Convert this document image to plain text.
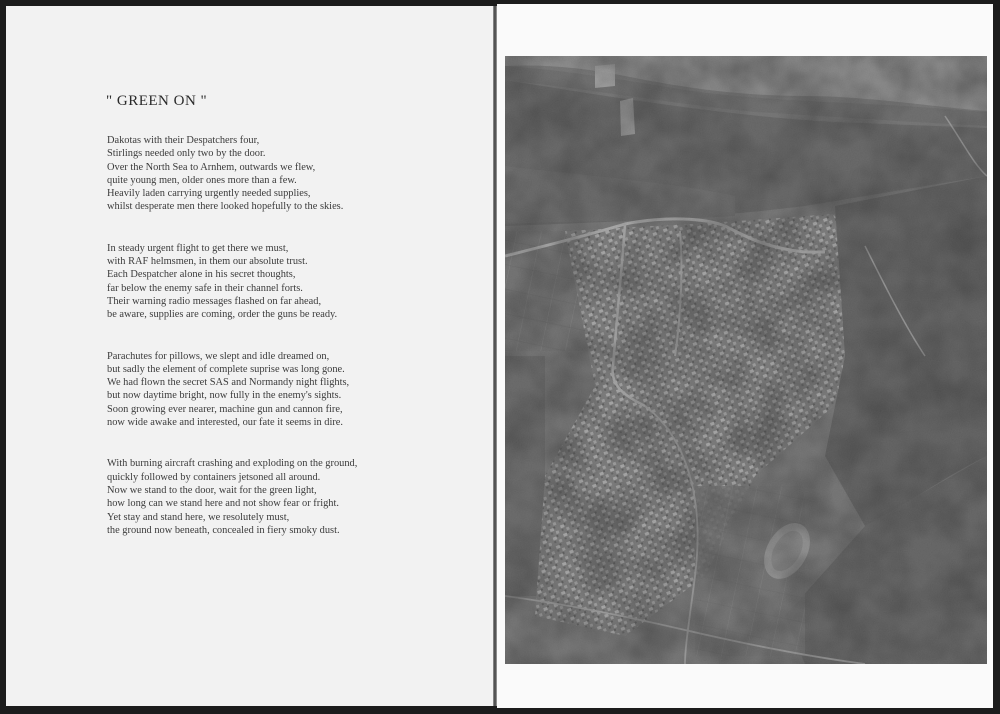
" GREEN ON "

Dakotas with their Despatchers four,
Stirlings needed only two by the door.
Over the North Sea to Arnhem, outwards we flew,
quite young men, older ones more than a few.
Heavily laden carrying urgently needed supplies,
whilst desperate men there looked hopefully to the skies.

In steady urgent flight to get there we must,
with RAF helmsmen, in them our absolute trust.
Each Despatcher alone in his secret thoughts,
far below the enemy safe in their channel forts.
Their warning radio messages flashed on far ahead,
be aware, supplies are coming, order the guns be ready.

Parachutes for pillows, we slept and idle dreamed on,
but sadly the element of complete suprise was long gone.
We had flown the secret SAS and Normandy night flights,
but now daytime bright, now fully in the enemy's sights.
Soon growing ever nearer, machine gun and cannon fire,
now wide awake and interested, our fate it seems in dire.

With burning aircraft crashing and exploding on the ground,
quickly followed by containers jetsoned all around.
Now we stand to the door, wait for the green light,
how long can we stand here and not show fear or fright.
Yet stay and stand here, we resolutely must,
the ground now beneath, concealed in fiery smoky dust.
